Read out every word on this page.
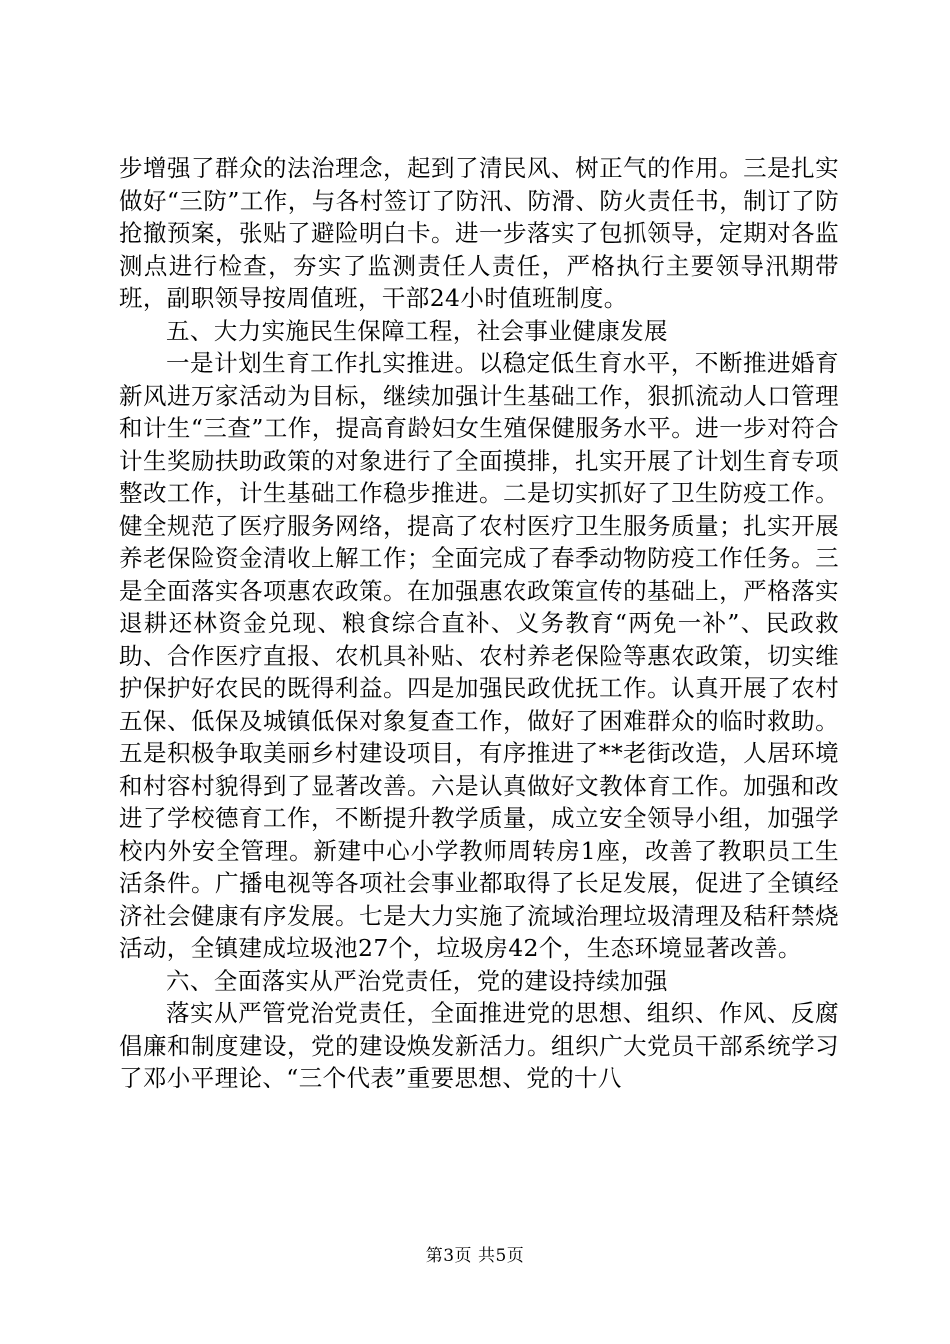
步增强了群众的法治理念，起到了清民风、树正气的作用。三是扎实做好“三防”工作，与各村签订了防汛、防滑、防火责任书，制订了防抢撤预案，张贴了避险明白卡。进一步落实了包抓领导，定期对各监测点进行检查，夯实了监测责任人责任，严格执行主要领导汛期带班，副职领导按周值班，干部24小时值班制度。

五、大力实施民生保障工程，社会事业健康发展

一是计划生育工作扎实推进。以稳定低生育水平，不断推进婚育新风进万家活动为目标，继续加强计生基础工作，狠抓流动人口管理和计生“三查”工作，提高育龄妇女生殖保健服务水平。进一步对符合计生奖励扶助政策的对象进行了全面摸排，扎实开展了计划生育专项整改工作，计生基础工作稳步推进。二是切实抓好了卫生防疫工作。健全规范了医疗服务网络，提高了农村医疗卫生服务质量；扎实开展养老保险资金清收上解工作；全面完成了春季动物防疫工作任务。三是全面落实各项惠农政策。在加强惠农政策宣传的基础上，严格落实退耕还林资金兑现、粮食综合直补、义务教育“两免一补”、民政救助、合作医疗直报、农机具补贴、农村养老保险等惠农政策，切实维护保护好农民的既得利益。四是加强民政优抚工作。认真开展了农村五保、低保及城镇低保对象复查工作，做好了困难群众的临时救助。五是积极争取美丽乡村建设项目，有序推进了**老街改造，人居环境和村容村貌得到了显著改善。六是认真做好文教体育工作。加强和改进了学校德育工作，不断提升教学质量，成立安全领导小组，加强学校内外安全管理。新建中心小学教师周转房1座，改善了教职员工生活条件。广播电视等各项社会事业都取得了长足发展，促进了全镇经济社会健康有序发展。七是大力实施了流域治理垃圾清理及秸秆禁烧活动，全镇建成垃圾池27个，垃圾房42个，生态环境显著改善。

六、全面落实从严治党责任，党的建设持续加强

落实从严管党治党责任，全面推进党的思想、组织、作风、反腐倡廉和制度建设，党的建设焕发新活力。组织广大党员干部系统学习了邓小平理论、“三个代表”重要思想、党的十八

第3页 共5页
